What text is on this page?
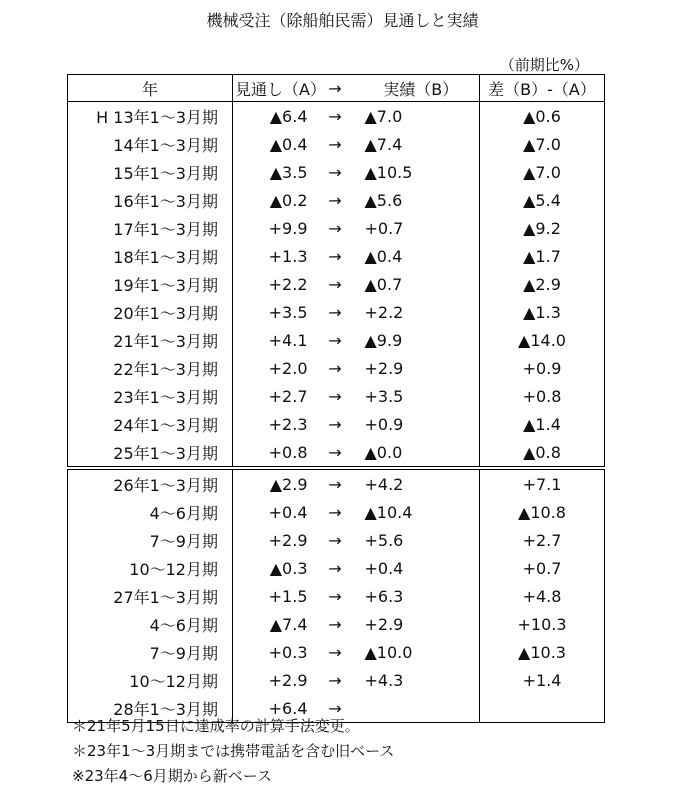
機械受注（除船舶民需）見通しと実績
（前期比%）
年	見通し（A）	→	実績（B）	差（B）-（A）
H 13年1～3月期	▲6.4	→	▲7.0	▲0.6
14年1～3月期	▲0.4	→	▲7.4	▲7.0
15年1～3月期	▲3.5	→	▲10.5	▲7.0
16年1～3月期	▲0.2	→	▲5.6	▲5.4
17年1～3月期	+9.9	→	+0.7	▲9.2
18年1～3月期	+1.3	→	▲0.4	▲1.7
19年1～3月期	+2.2	→	▲0.7	▲2.9
20年1～3月期	+3.5	→	+2.2	▲1.3
21年1～3月期	+4.1	→	▲9.9	▲14.0
22年1～3月期	+2.0	→	+2.9	+0.9
23年1～3月期	+2.7	→	+3.5	+0.8
24年1～3月期	+2.3	→	+0.9	▲1.4
25年1～3月期	+0.8	→	▲0.0	▲0.8
26年1～3月期	▲2.9	→	+4.2	+7.1
4～6月期	+0.4	→	▲10.4	▲10.8
7～9月期	+2.9	→	+5.6	+2.7
10～12月期	▲0.3	→	+0.4	+0.7
27年1～3月期	+1.5	→	+6.3	+4.8
4～6月期	▲7.4	→	+2.9	+10.3
7～9月期	+0.3	→	▲10.0	▲10.3
10～12月期	+2.9	→	+4.3	+1.4
28年1～3月期	+6.4	→		
＊21年5月15日に達成率の計算手法変更。
＊23年1～3月期までは携帯電話を含む旧ベース
※23年4～6月期から新ベース
